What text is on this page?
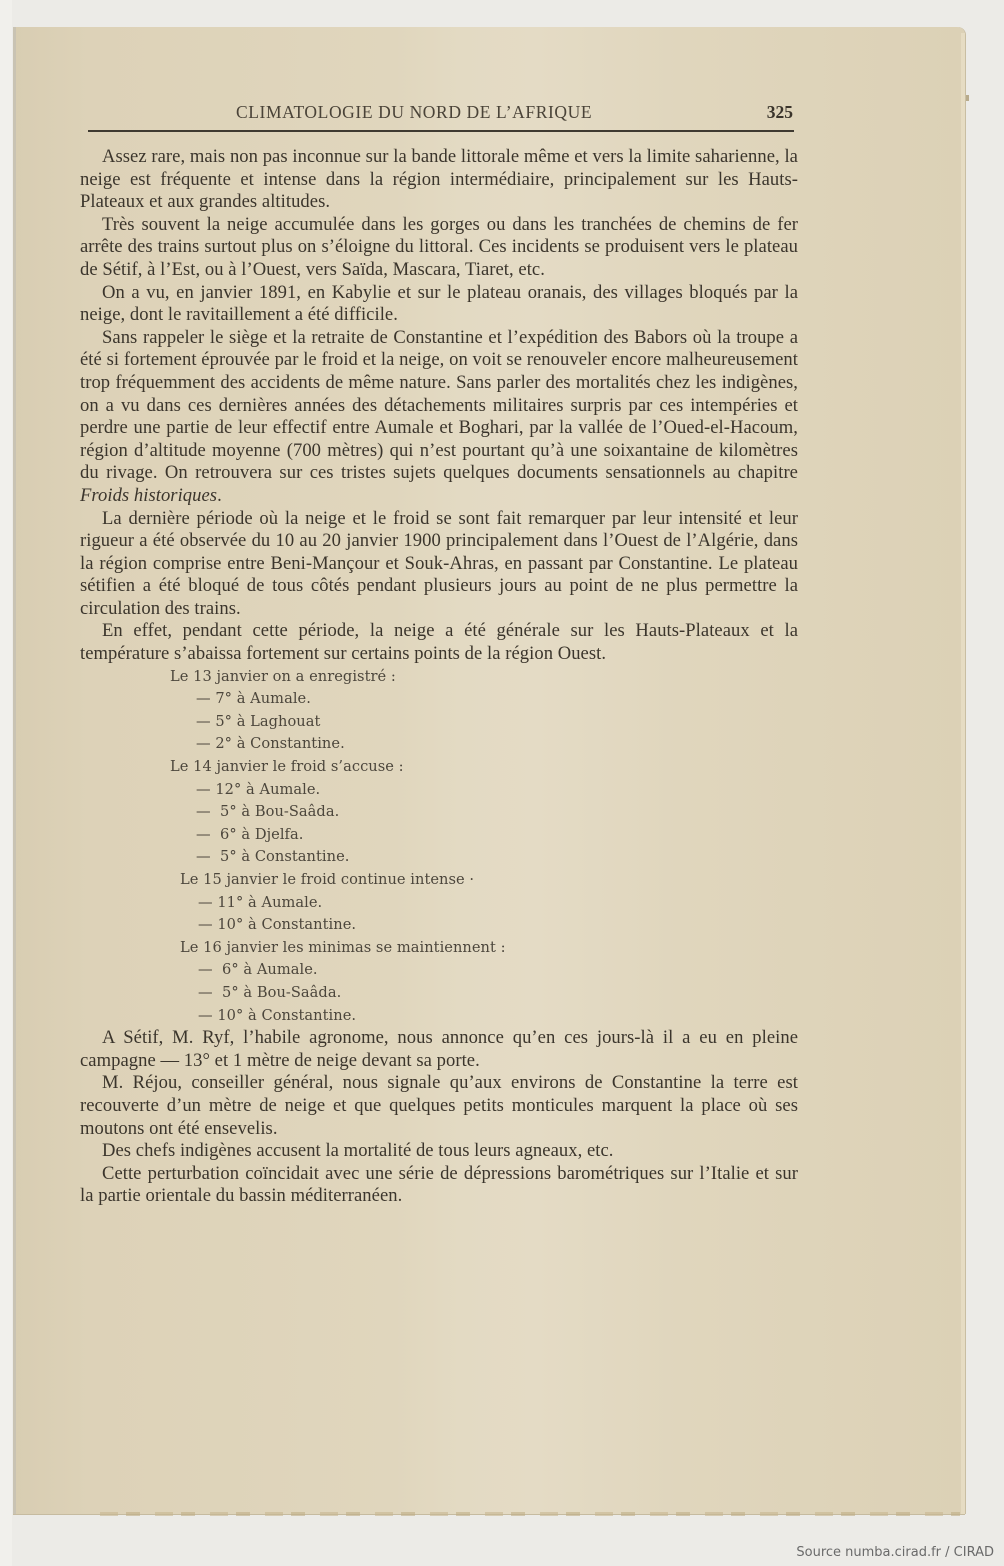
CLIMATOLOGIE DU NORD DE L’AFRIQUE	325

Assez rare, mais non pas inconnue sur la bande littorale même et vers la limite saharienne, la neige est fréquente et intense dans la région intermédiaire, principalement sur les Hauts-Plateaux et aux grandes altitudes.

Très souvent la neige accumulée dans les gorges ou dans les tranchées de chemins de fer arrête des trains surtout plus on s’éloigne du littoral. Ces incidents se produisent vers le plateau de Sétif, à l’Est, ou à l’Ouest, vers Saïda, Mascara, Tiaret, etc.

On a vu, en janvier 1891, en Kabylie et sur le plateau oranais, des villages bloqués par la neige, dont le ravitaillement a été difficile.

Sans rappeler le siège et la retraite de Constantine et l’expédition des Babors où la troupe a été si fortement éprouvée par le froid et la neige, on voit se renouveler encore malheureusement trop fréquemment des accidents de même nature. Sans parler des mortalités chez les indigènes, on a vu dans ces dernières années des détachements militaires surpris par ces intempéries et perdre une partie de leur effectif entre Aumale et Boghari, par la vallée de l’Oued-el-Hacoum, région d’altitude moyenne (700 mètres) qui n’est pourtant qu’à une soixantaine de kilomètres du rivage. On retrouvera sur ces tristes sujets quelques documents sensationnels au chapitre Froids historiques.

La dernière période où la neige et le froid se sont fait remarquer par leur intensité et leur rigueur a été observée du 10 au 20 janvier 1900 principalement dans l’Ouest de l’Algérie, dans la région comprise entre Beni-Mançour et Souk-Ahras, en passant par Constantine. Le plateau sétifien a été bloqué de tous côtés pendant plusieurs jours au point de ne plus permettre la circulation des trains.

En effet, pendant cette période, la neige a été générale sur les Hauts-Plateaux et la température s’abaissa fortement sur certains points de la région Ouest.

Le 13 janvier on a enregistré :
— 7° à Aumale.
— 5° à Laghouat
— 2° à Constantine.
Le 14 janvier le froid s’accuse :
— 12° à Aumale.
—  5° à Bou-Saâda.
—  6° à Djelfa.
—  5° à Constantine.
Le 15 janvier le froid continue intense ·
— 11° à Aumale.
— 10° à Constantine.
Le 16 janvier les minimas se maintiennent :
—  6° à Aumale.
—  5° à Bou-Saâda.
— 10° à Constantine.

A Sétif, M. Ryf, l’habile agronome, nous annonce qu’en ces jours-là il a eu en pleine campagne — 13° et 1 mètre de neige devant sa porte.

M. Réjou, conseiller général, nous signale qu’aux environs de Constantine la terre est recouverte d’un mètre de neige et que quelques petits monticules marquent la place où ses moutons ont été ensevelis.

Des chefs indigènes accusent la mortalité de tous leurs agneaux, etc.

Cette perturbation coïncidait avec une série de dépressions barométriques sur l’Italie et sur la partie orientale du bassin méditerranéen.

Source numba.cirad.fr / CIRAD
